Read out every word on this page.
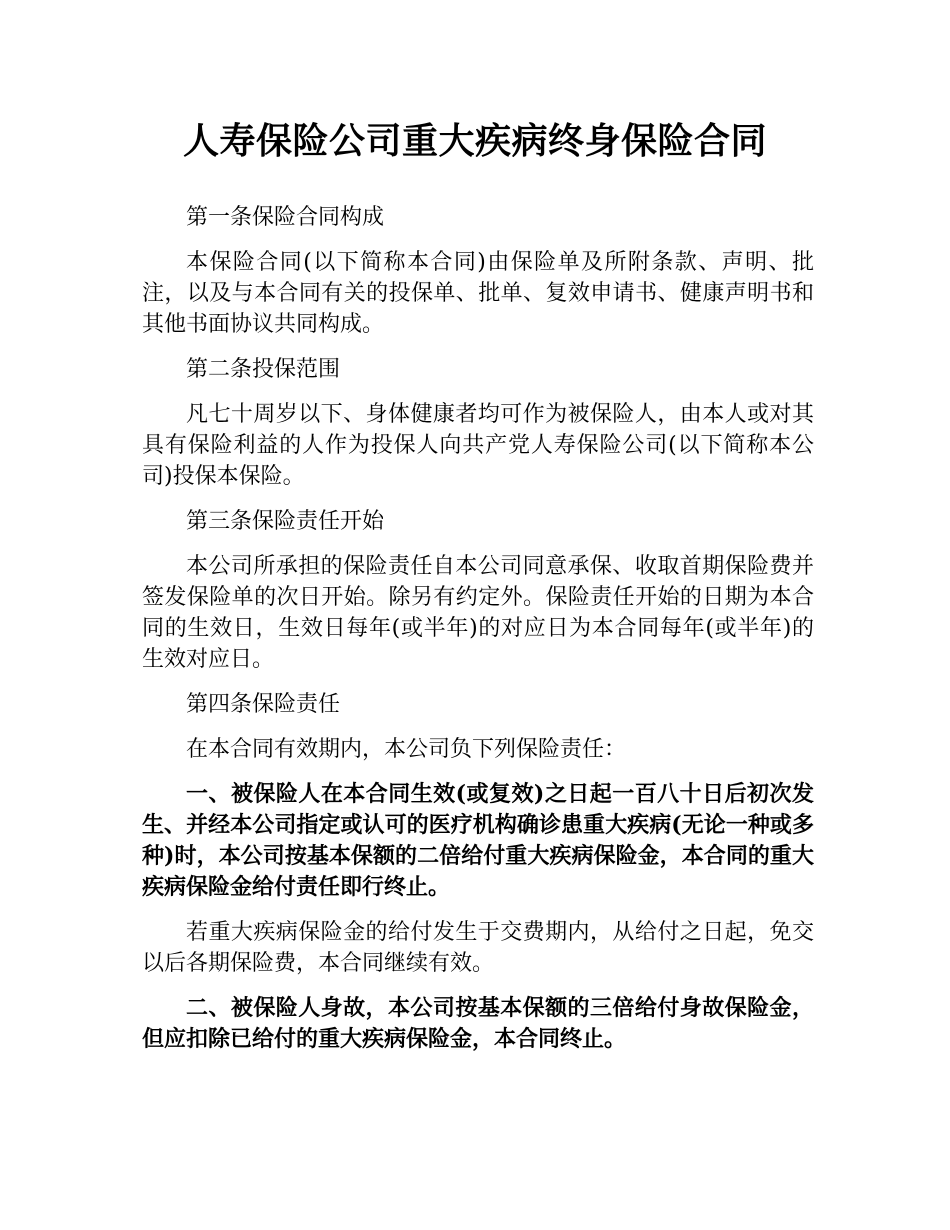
人寿保险公司重大疾病终身保险合同

第一条保险合同构成

本保险合同(以下简称本合同)由保险单及所附条款、声明、批注，以及与本合同有关的投保单、批单、复效申请书、健康声明书和其他书面协议共同构成。

第二条投保范围

凡七十周岁以下、身体健康者均可作为被保险人，由本人或对其具有保险利益的人作为投保人向共产党人寿保险公司(以下简称本公司)投保本保险。

第三条保险责任开始

本公司所承担的保险责任自本公司同意承保、收取首期保险费并签发保险单的次日开始。除另有约定外。保险责任开始的日期为本合同的生效日，生效日每年(或半年)的对应日为本合同每年(或半年)的生效对应日。

第四条保险责任

在本合同有效期内，本公司负下列保险责任：

一、被保险人在本合同生效(或复效)之日起一百八十日后初次发生、并经本公司指定或认可的医疗机构确诊患重大疾病(无论一种或多种)时，本公司按基本保额的二倍给付重大疾病保险金，本合同的重大疾病保险金给付责任即行终止。

若重大疾病保险金的给付发生于交费期内，从给付之日起，免交以后各期保险费，本合同继续有效。

二、被保险人身故，本公司按基本保额的三倍给付身故保险金，但应扣除已给付的重大疾病保险金，本合同终止。
